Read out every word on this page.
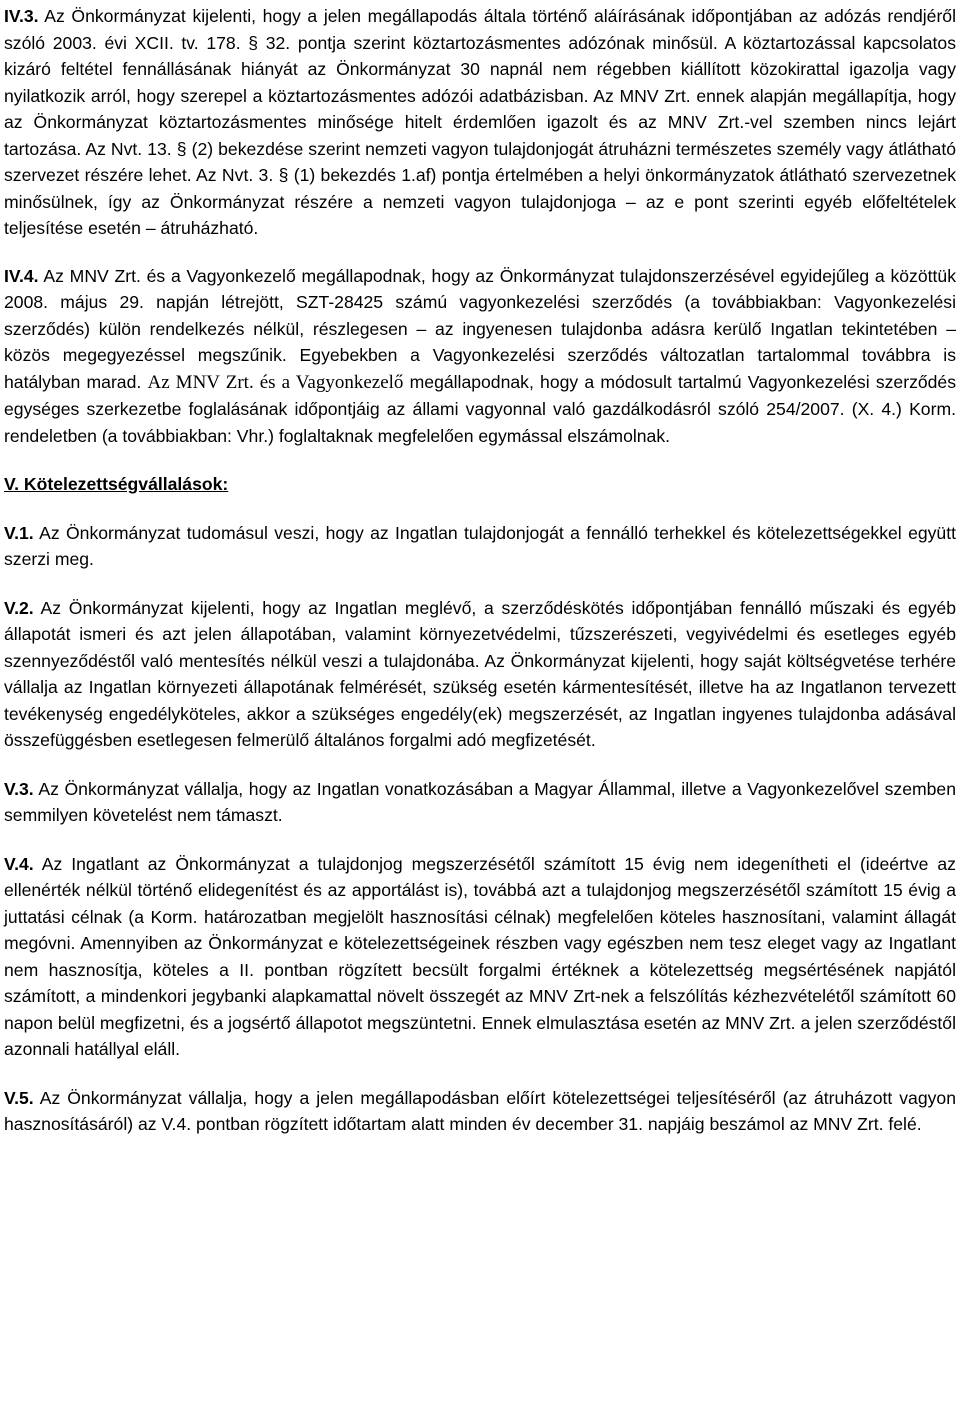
IV.3. Az Önkormányzat kijelenti, hogy a jelen megállapodás általa történő aláírásának időpontjában az adózás rendjéről szóló 2003. évi XCII. tv. 178. § 32. pontja szerint köztartozásmentes adózónak minősül. A köztartozással kapcsolatos kizáró feltétel fennállásának hiányát az Önkormányzat 30 napnál nem régebben kiállított közokirattal igazolja vagy nyilatkozik arról, hogy szerepel a köztartozásmentes adózói adatbázisban. Az MNV Zrt. ennek alapján megállapítja, hogy az Önkormányzat köztartozásmentes minősége hitelt érdemlően igazolt és az MNV Zrt.-vel szemben nincs lejárt tartozása. Az Nvt. 13. § (2) bekezdése szerint nemzeti vagyon tulajdonjogát átruházni természetes személy vagy átlátható szervezet részére lehet. Az Nvt. 3. § (1) bekezdés 1.af) pontja értelmében a helyi önkormányzatok átlátható szervezetnek minősülnek, így az Önkormányzat részére a nemzeti vagyon tulajdonjoga – az e pont szerinti egyéb előfeltételek teljesítése esetén – átruházható.

IV.4. Az MNV Zrt. és a Vagyonkezelő megállapodnak, hogy az Önkormányzat tulajdonszerzésével egyidejűleg a közöttük 2008. május 29. napján létrejött, SZT-28425 számú vagyonkezelési szerződés (a továbbiakban: Vagyonkezelési szerződés) külön rendelkezés nélkül, részlegesen – az ingyenesen tulajdonba adásra kerülő Ingatlan tekintetében – közös megegyezéssel megszűnik. Egyebekben a Vagyonkezelési szerződés változatlan tartalommal továbbra is hatályban marad. Az MNV Zrt. és a Vagyonkezelő megállapodnak, hogy a módosult tartalmú Vagyonkezelési szerződés egységes szerkezetbe foglalásának időpontjáig az állami vagyonnal való gazdálkodásról szóló 254/2007. (X. 4.) Korm. rendeletben (a továbbiakban: Vhr.) foglaltaknak megfelelően egymással elszámolnak.

V. Kötelezettségvállalások:

V.1. Az Önkormányzat tudomásul veszi, hogy az Ingatlan tulajdonjogát a fennálló terhekkel és kötelezettségekkel együtt szerzi meg.

V.2. Az Önkormányzat kijelenti, hogy az Ingatlan meglévő, a szerződéskötés időpontjában fennálló műszaki és egyéb állapotát ismeri és azt jelen állapotában, valamint környezetvédelmi, tűzszerészeti, vegyivédelmi és esetleges egyéb szennyeződéstől való mentesítés nélkül veszi a tulajdonába. Az Önkormányzat kijelenti, hogy saját költségvetése terhére vállalja az Ingatlan környezeti állapotának felmérését, szükség esetén kármentesítését, illetve ha az Ingatlanon tervezett tevékenység engedélyköteles, akkor a szükséges engedély(ek) megszerzését, az Ingatlan ingyenes tulajdonba adásával összefüggésben esetlegesen felmerülő általános forgalmi adó megfizetését.

V.3. Az Önkormányzat vállalja, hogy az Ingatlan vonatkozásában a Magyar Állammal, illetve a Vagyonkezelővel szemben semmilyen követelést nem támaszt.

V.4. Az Ingatlant az Önkormányzat a tulajdonjog megszerzésétől számított 15 évig nem idegenítheti el (ideértve az ellenérték nélkül történő elidegenítést és az apportálást is), továbbá azt a tulajdonjog megszerzésétől számított 15 évig a juttatási célnak (a Korm. határozatban megjelölt hasznosítási célnak) megfelelően köteles hasznosítani, valamint állagát megóvni. Amennyiben az Önkormányzat e kötelezettségeinek részben vagy egészben nem tesz eleget vagy az Ingatlant nem hasznosítja, köteles a II. pontban rögzített becsült forgalmi értéknek a kötelezettség megsértésének napjától számított, a mindenkori jegybanki alapkamattal növelt összegét az MNV Zrt-nek a felszólítás kézhezvételétől számított 60 napon belül megfizetni, és a jogsértő állapotot megszüntetni. Ennek elmulasztása esetén az MNV Zrt. a jelen szerződéstől azonnali hatállyal eláll.

V.5. Az Önkormányzat vállalja, hogy a jelen megállapodásban előírt kötelezettségei teljesítéséről (az átruházott vagyon hasznosításáról) az V.4. pontban rögzített időtartam alatt minden év december 31. napjáig beszámol az MNV Zrt. felé.
